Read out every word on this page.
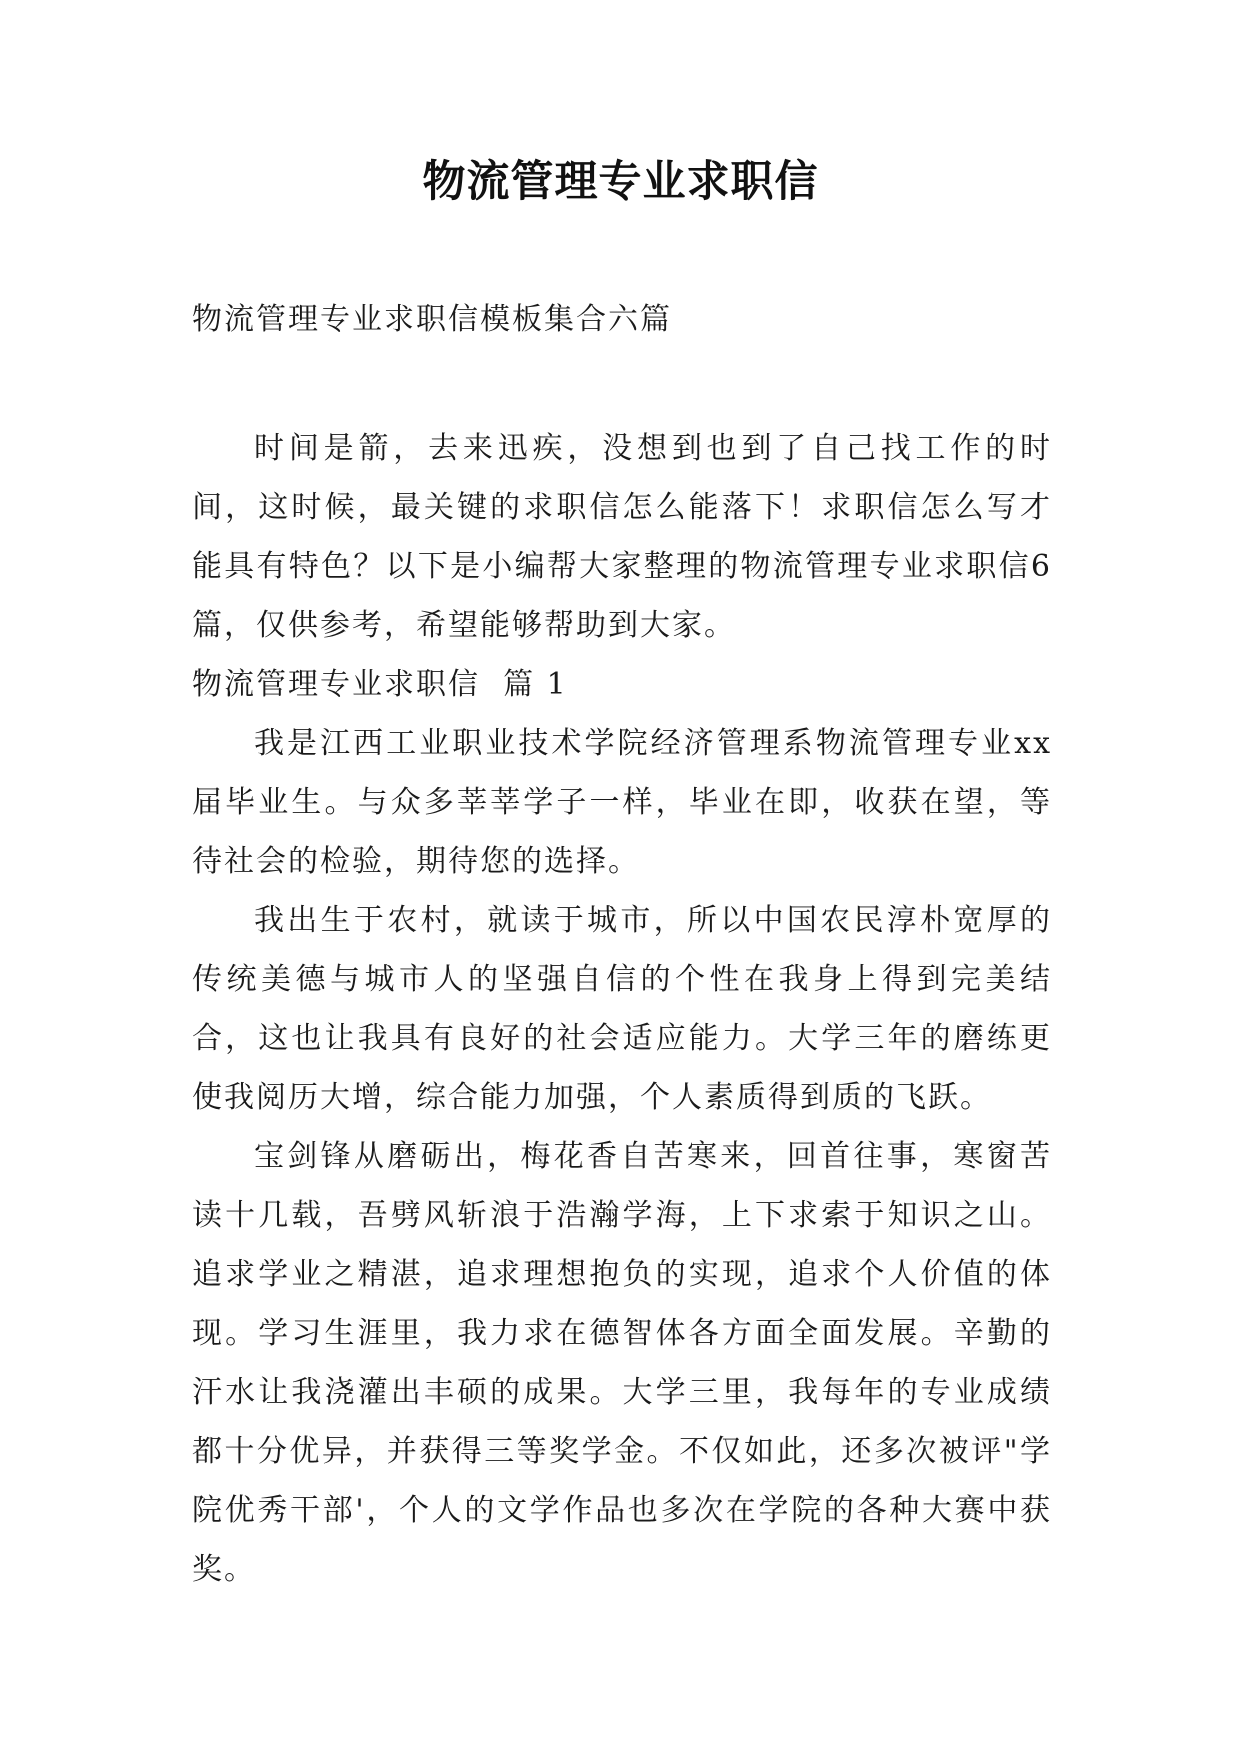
物流管理专业求职信

物流管理专业求职信模板集合六篇

时间是箭，去来迅疾，没想到也到了自己找工作的时间，这时候，最关键的求职信怎么能落下！求职信怎么写才能具有特色？以下是小编帮大家整理的物流管理专业求职信6篇，仅供参考，希望能够帮助到大家。

物流管理专业求职信  篇 1

我是江西工业职业技术学院经济管理系物流管理专业xx届毕业生。与众多莘莘学子一样，毕业在即，收获在望，等待社会的检验，期待您的选择。

我出生于农村，就读于城市，所以中国农民淳朴宽厚的传统美德与城市人的坚强自信的个性在我身上得到完美结合，这也让我具有良好的社会适应能力。大学三年的磨练更使我阅历大增，综合能力加强，个人素质得到质的飞跃。

宝剑锋从磨砺出，梅花香自苦寒来，回首往事，寒窗苦读十几载，吾劈风斩浪于浩瀚学海，上下求索于知识之山。追求学业之精湛，追求理想抱负的实现，追求个人价值的体现。学习生涯里，我力求在德智体各方面全面发展。辛勤的汗水让我浇灌出丰硕的成果。大学三里，我每年的专业成绩都十分优异，并获得三等奖学金。不仅如此，还多次被评"学院优秀干部'，个人的文学作品也多次在学院的各种大赛中获奖。
